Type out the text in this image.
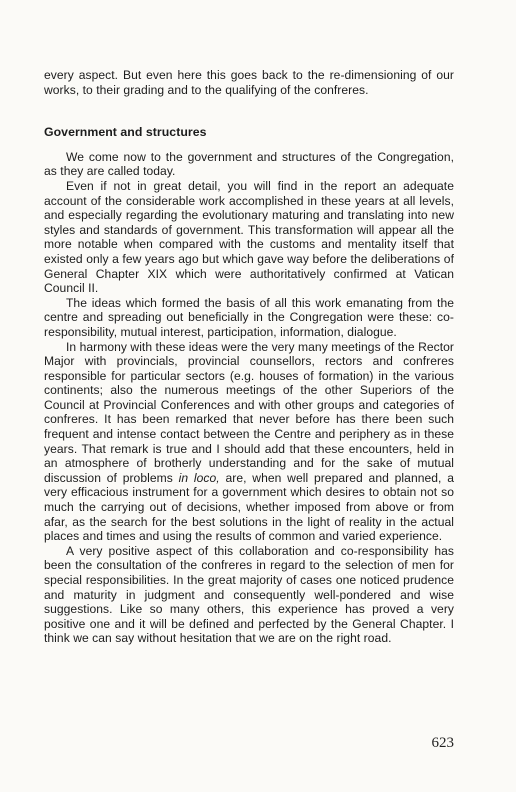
every aspect. But even here this goes back to the re-dimensioning of our works, to their grading and to the qualifying of the confreres.

Government and structures

We come now to the government and structures of the Congregation, as they are called today.

Even if not in great detail, you will find in the report an adequate account of the considerable work accomplished in these years at all levels, and especially regarding the evolutionary maturing and translating into new styles and standards of government. This transformation will appear all the more notable when compared with the customs and mentality itself that existed only a few years ago but which gave way before the deliberations of General Chapter XIX which were authoritatively confirmed at Vatican Council II.

The ideas which formed the basis of all this work emanating from the centre and spreading out beneficially in the Congregation were these: co-responsibility, mutual interest, participation, information, dialogue.

In harmony with these ideas were the very many meetings of the Rector Major with provincials, provincial counsellors, rectors and confreres responsible for particular sectors (e.g. houses of formation) in the various continents; also the numerous meetings of the other Superiors of the Council at Provincial Conferences and with other groups and categories of confreres. It has been remarked that never before has there been such frequent and intense contact between the Centre and periphery as in these years. That remark is true and I should add that these encounters, held in an atmosphere of brotherly understanding and for the sake of mutual discussion of problems in loco, are, when well prepared and planned, a very efficacious instrument for a government which desires to obtain not so much the carrying out of decisions, whether imposed from above or from afar, as the search for the best solutions in the light of reality in the actual places and times and using the results of common and varied experience.

A very positive aspect of this collaboration and co-responsibility has been the consultation of the confreres in regard to the selection of men for special responsibilities. In the great majority of cases one noticed prudence and maturity in judgment and consequently well-pondered and wise suggestions. Like so many others, this experience has proved a very positive one and it will be defined and perfected by the General Chapter. I think we can say without hesitation that we are on the right road.

623
